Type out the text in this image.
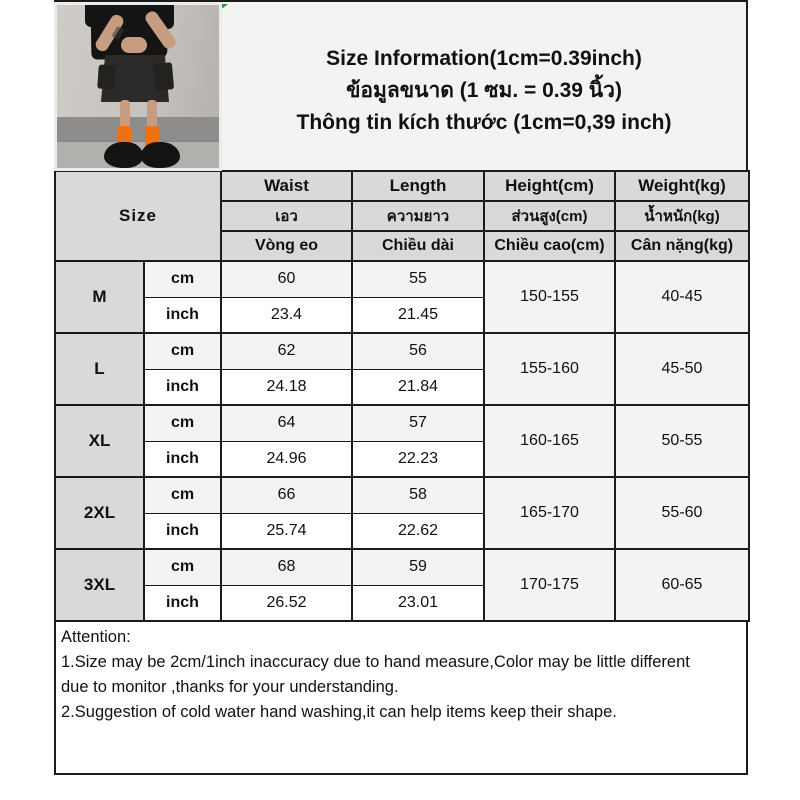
Size Information(1cm=0.39inch)
ข้อมูลขนาด (1 ซม. = 0.39 นิ้ว)
Thông tin kích thước (1cm=0,39 inch)
Size		Waist	Length	Height(cm)	Weight(kg)
		เอว	ความยาว	ส่วนสูง(cm)	น้ำหนัก(kg)
		Vòng eo	Chiều dài	Chiều cao(cm)	Cân nặng(kg)
M	cm	60	55	150-155	40-45
	inch	23.4	21.45		
L	cm	62	56	155-160	45-50
	inch	24.18	21.84		
XL	cm	64	57	160-165	50-55
	inch	24.96	22.23		
2XL	cm	66	58	165-170	55-60
	inch	25.74	22.62		
3XL	cm	68	59	170-175	60-65
	inch	26.52	23.01		
Attention:
1.Size may be 2cm/1inch inaccuracy due to hand measure,Color may be little different
due to monitor ,thanks for your understanding.
2.Suggestion of cold water hand washing,it can help items keep their shape.
